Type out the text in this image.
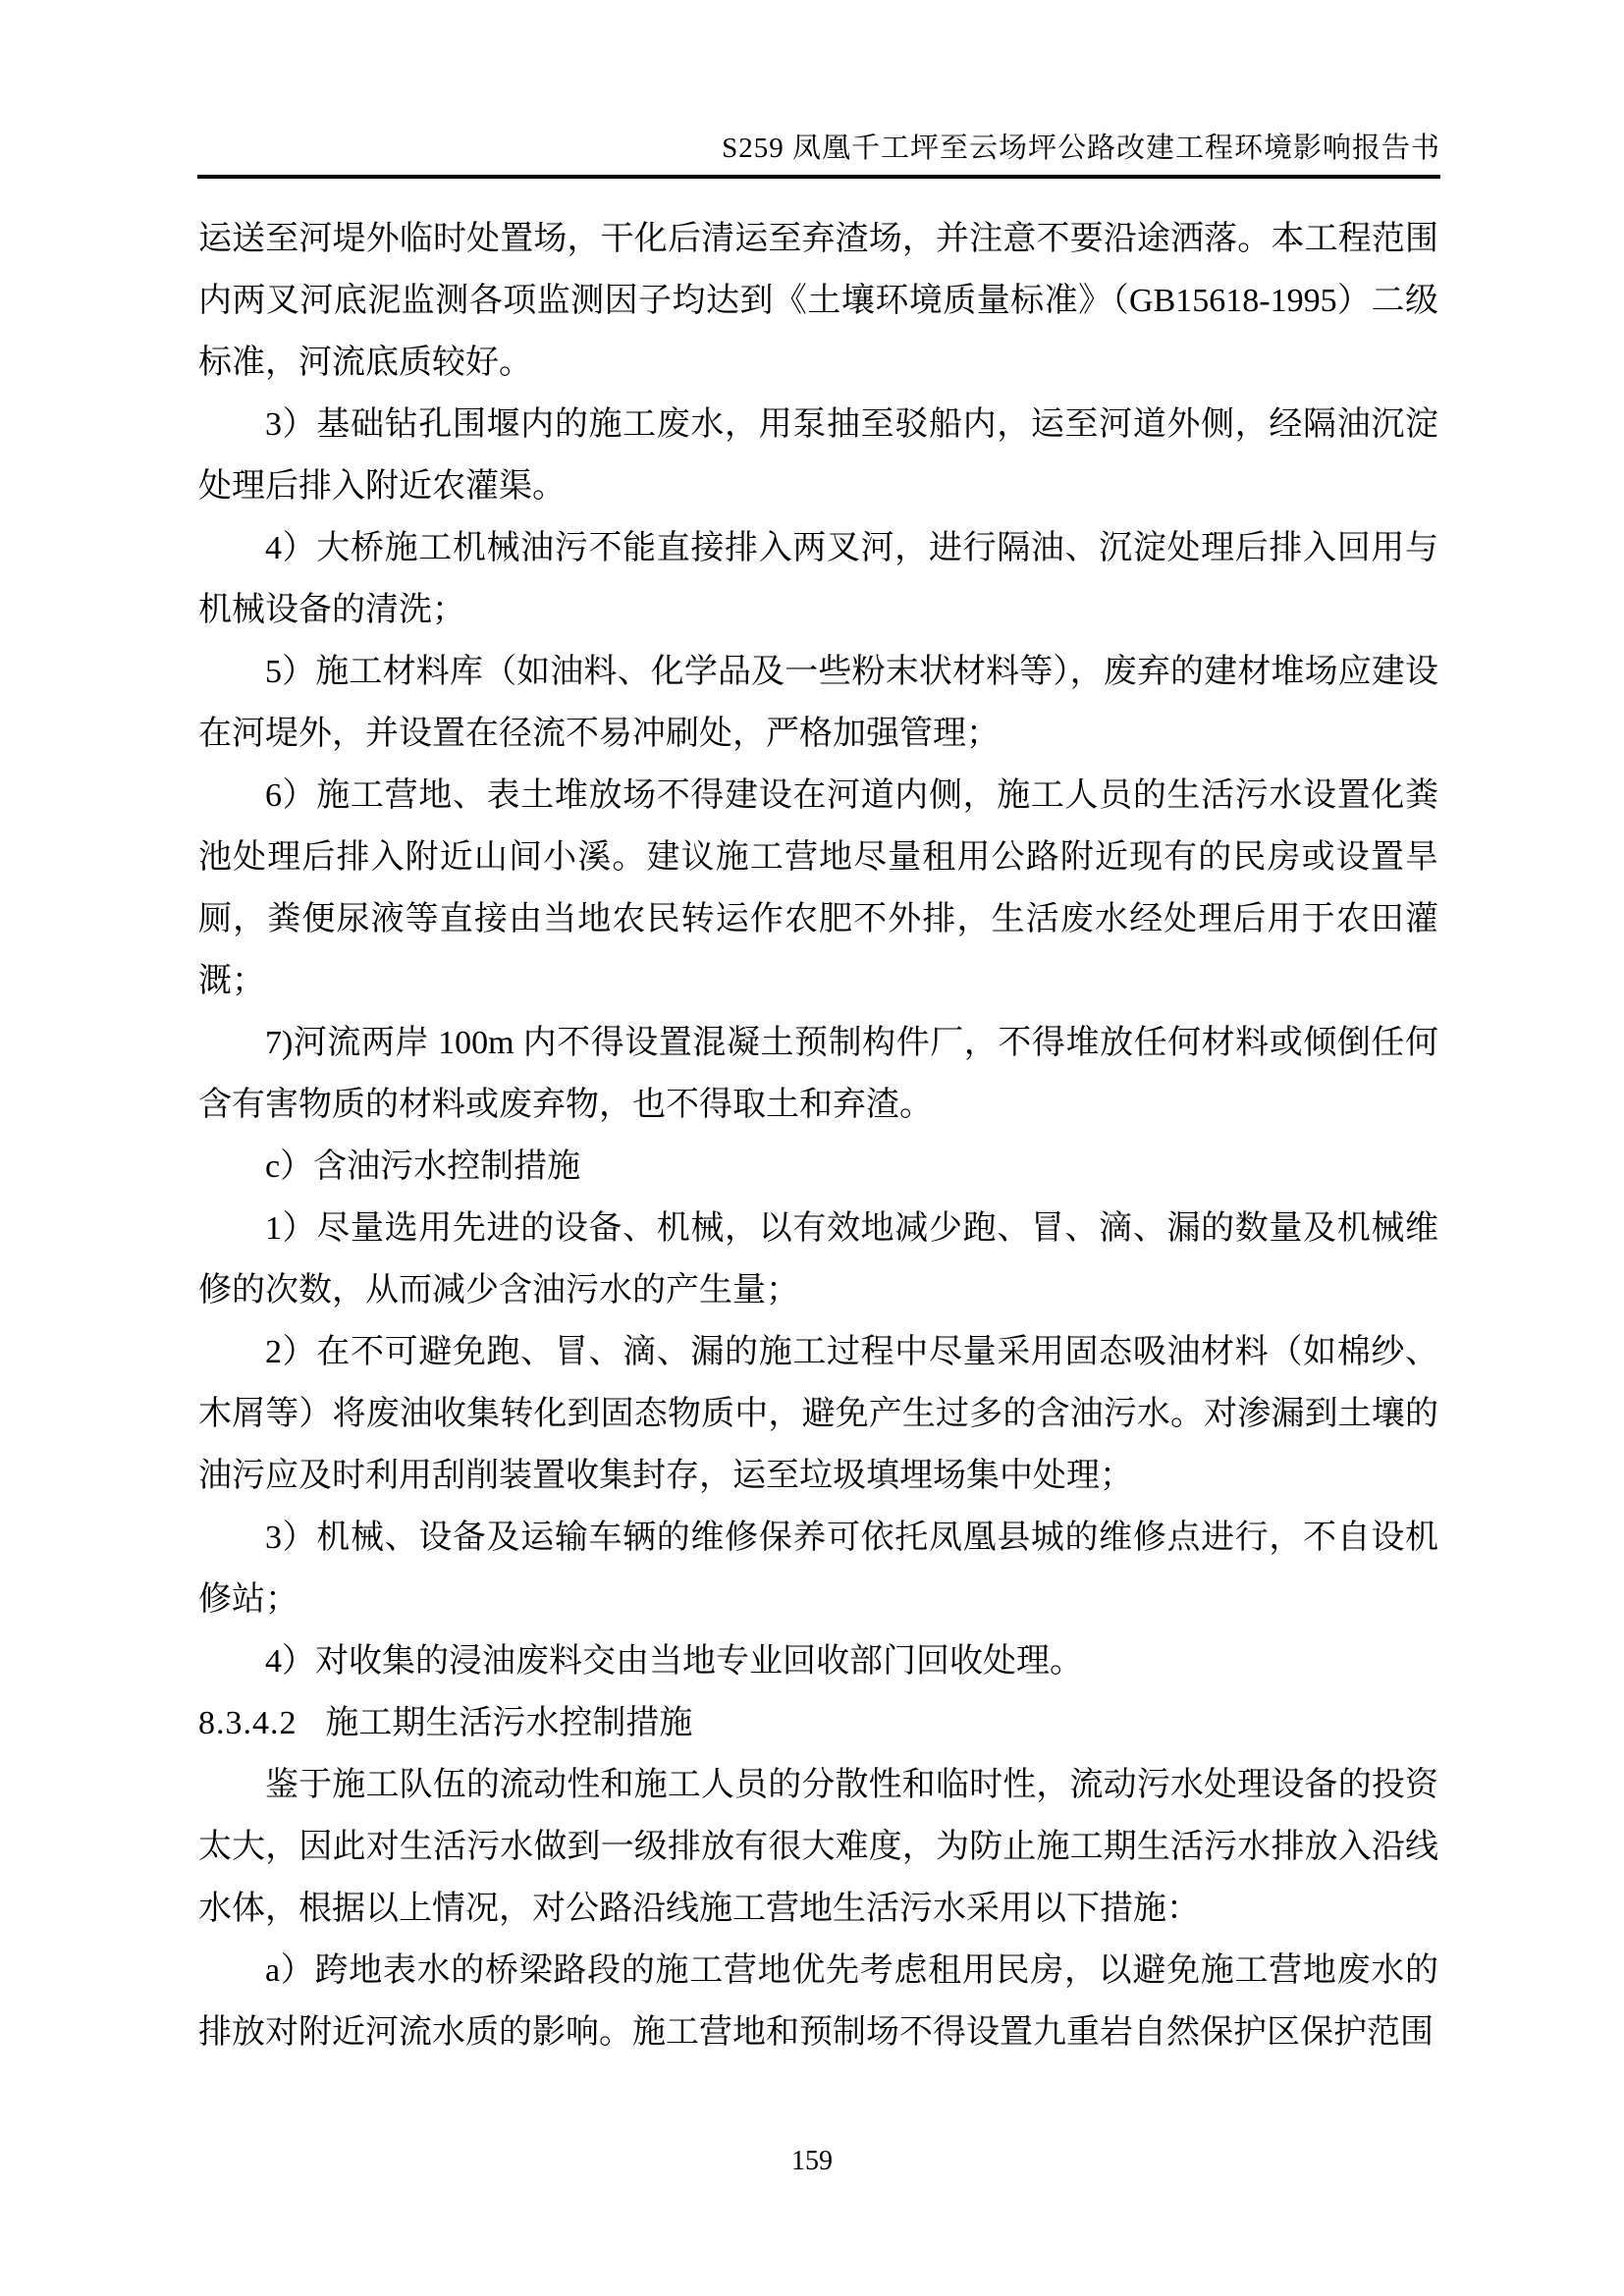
S259 凤凰千工坪至云场坪公路改建工程环境影响报告书

运送至河堤外临时处置场，干化后清运至弃渣场，并注意不要沿途洒落。本工程范围内两叉河底泥监测各项监测因子均达到《土壤环境质量标准》（GB15618-1995）二级标准，河流底质较好。

3）基础钻孔围堰内的施工废水，用泵抽至驳船内，运至河道外侧，经隔油沉淀处理后排入附近农灌渠。

4）大桥施工机械油污不能直接排入两叉河，进行隔油、沉淀处理后排入回用与机械设备的清洗；

5）施工材料库（如油料、化学品及一些粉末状材料等），废弃的建材堆场应建设在河堤外，并设置在径流不易冲刷处，严格加强管理；

6）施工营地、表土堆放场不得建设在河道内侧，施工人员的生活污水设置化粪池处理后排入附近山间小溪。建议施工营地尽量租用公路附近现有的民房或设置旱厕，粪便尿液等直接由当地农民转运作农肥不外排，生活废水经处理后用于农田灌溉；

7)河流两岸 100m 内不得设置混凝土预制构件厂，不得堆放任何材料或倾倒任何含有害物质的材料或废弃物，也不得取土和弃渣。

c）含油污水控制措施

1）尽量选用先进的设备、机械，以有效地减少跑、冒、滴、漏的数量及机械维修的次数，从而减少含油污水的产生量；

2）在不可避免跑、冒、滴、漏的施工过程中尽量采用固态吸油材料（如棉纱、木屑等）将废油收集转化到固态物质中，避免产生过多的含油污水。对渗漏到土壤的油污应及时利用刮削装置收集封存，运至垃圾填埋场集中处理；

3）机械、设备及运输车辆的维修保养可依托凤凰县城的维修点进行，不自设机修站；

4）对收集的浸油废料交由当地专业回收部门回收处理。

8.3.4.2 施工期生活污水控制措施

鉴于施工队伍的流动性和施工人员的分散性和临时性，流动污水处理设备的投资太大，因此对生活污水做到一级排放有很大难度，为防止施工期生活污水排放入沿线水体，根据以上情况，对公路沿线施工营地生活污水采用以下措施：

a）跨地表水的桥梁路段的施工营地优先考虑租用民房，以避免施工营地废水的排放对附近河流水质的影响。施工营地和预制场不得设置九重岩自然保护区保护范围

159
